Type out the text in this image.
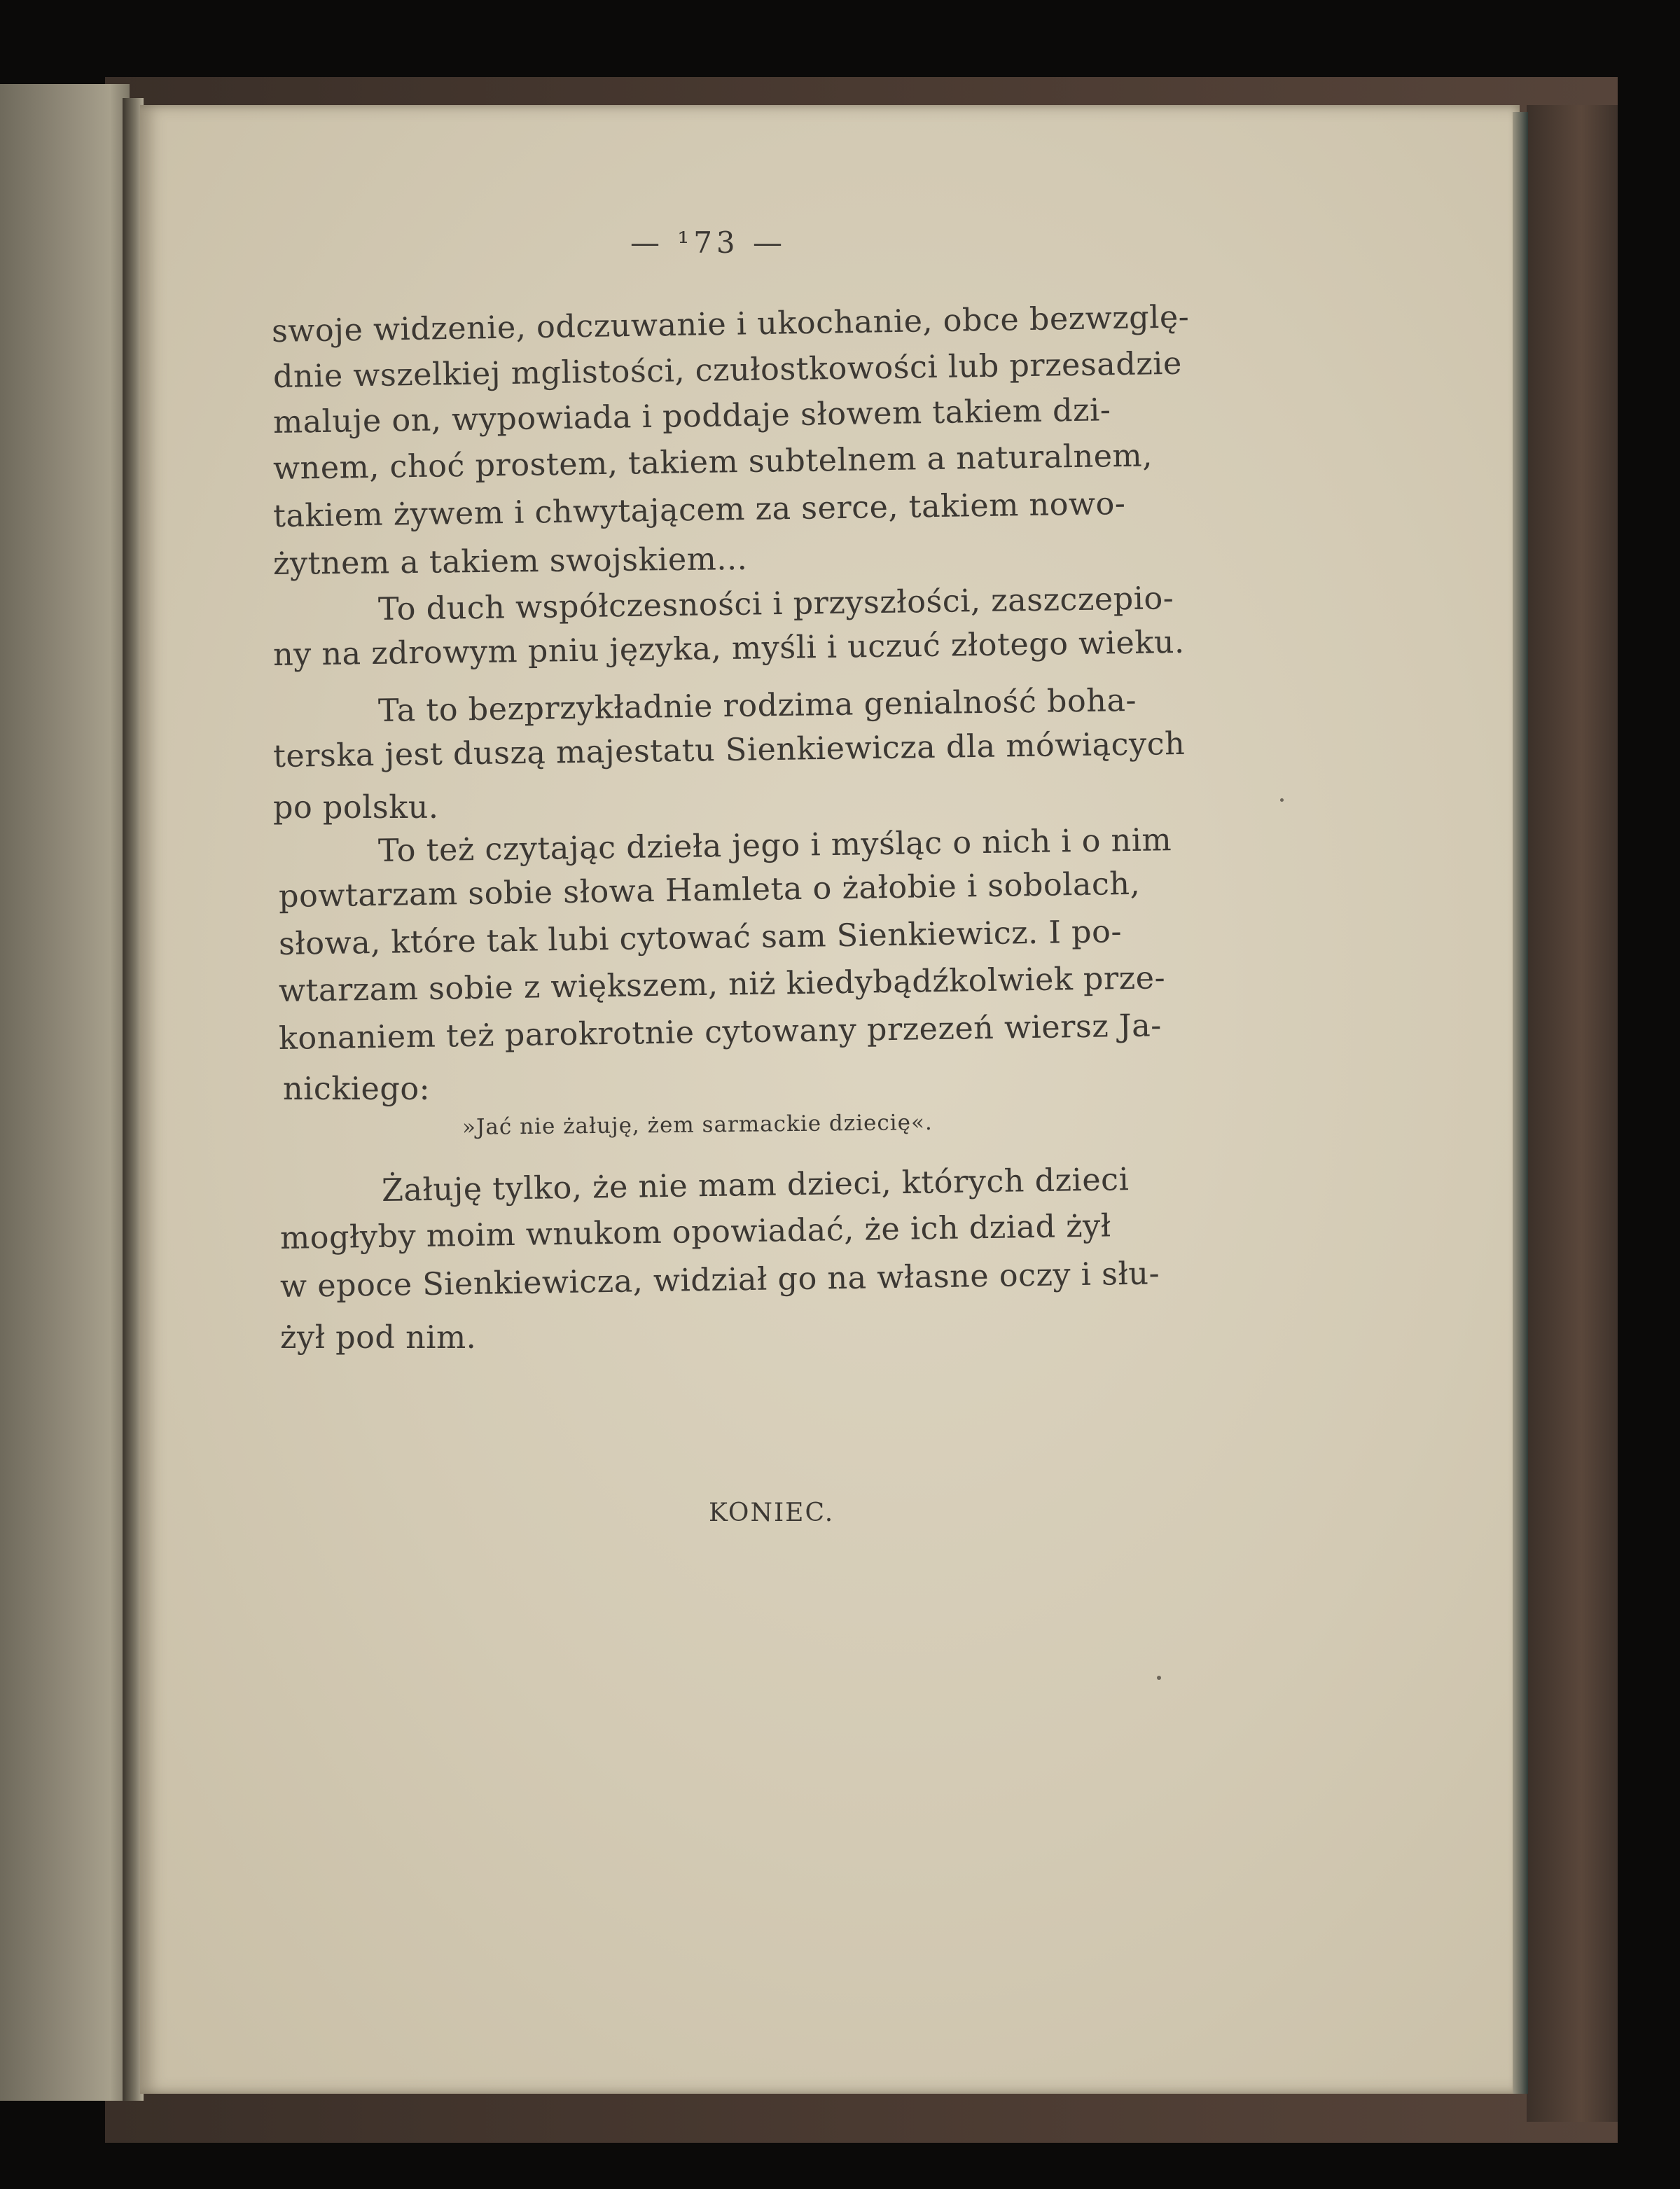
— ¹73 —
swoje widzenie, odczuwanie i ukochanie, obce bezwzglę-
dnie wszelkiej mglistości, czułostkowości lub przesadzie
maluje on, wypowiada i poddaje słowem takiem dzi-
wnem, choć prostem, takiem subtelnem a naturalnem,
takiem żywem i chwytającem za serce, takiem nowo-
żytnem a takiem swojskiem...
To duch współczesności i przyszłości, zaszczepio-
ny na zdrowym pniu języka, myśli i uczuć złotego wieku.
Ta to bezprzykładnie rodzima genialność boha-
terska jest duszą majestatu Sienkiewicza dla mówiących
po polsku.
To też czytając dzieła jego i myśląc o nich i o nim
powtarzam sobie słowa Hamleta o żałobie i sobolach,
słowa, które tak lubi cytować sam Sienkiewicz. I po-
wtarzam sobie z większem, niż kiedybądźkolwiek prze-
konaniem też parokrotnie cytowany przezeń wiersz Ja-
nickiego:
»Jać nie żałuję, żem sarmackie dziecię«.
Żałuję tylko, że nie mam dzieci, których dzieci
mogłyby moim wnukom opowiadać, że ich dziad żył
w epoce Sienkiewicza, widział go na własne oczy i słu-
żył pod nim.
KONIEC.
